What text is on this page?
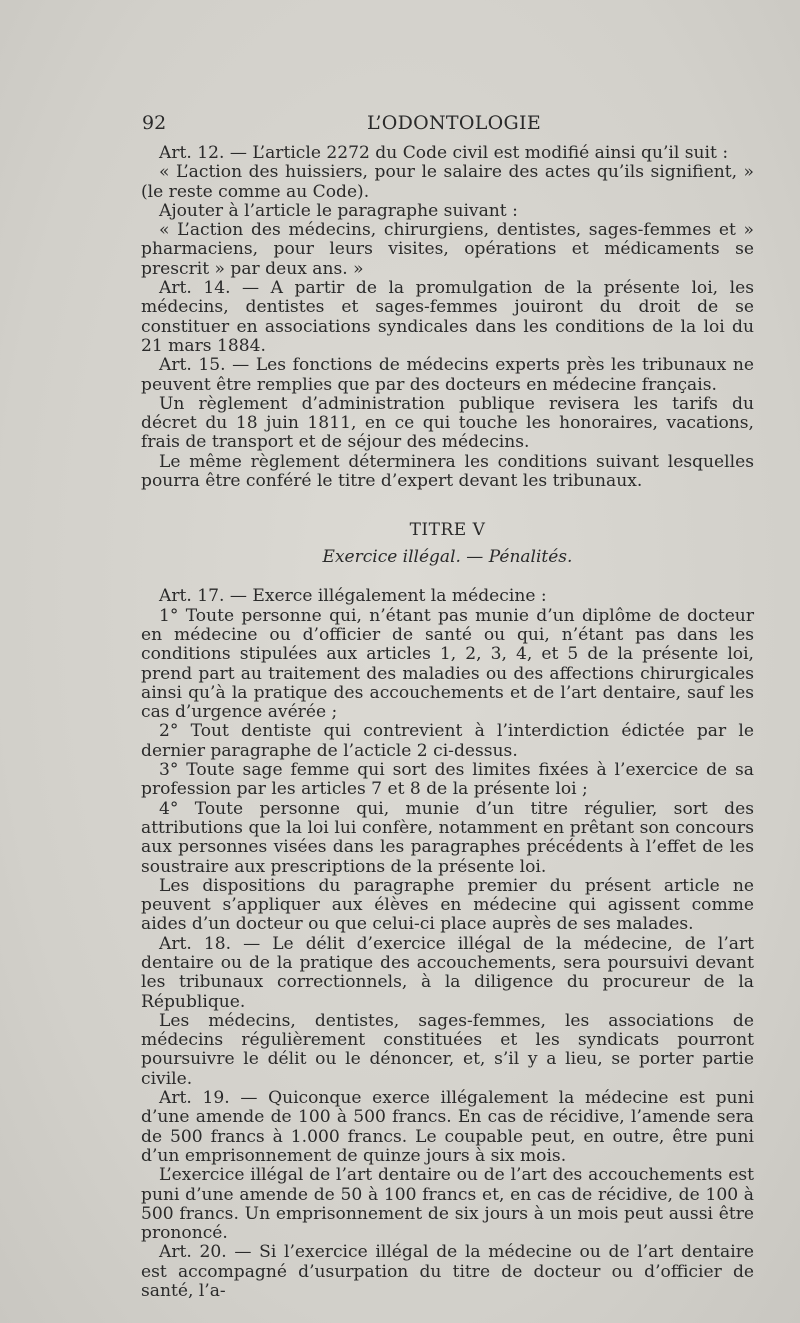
92	L’ODONTOLOGIE

Art. 12. — L’article 2272 du Code civil est modifié ainsi qu’il suit :

« L’action des huissiers, pour le salaire des actes qu’ils signifient, » (le reste comme au Code).

Ajouter à l’article le paragraphe suivant :

« L’action des médecins, chirurgiens, dentistes, sages-femmes et » pharmaciens, pour leurs visites, opérations et médicaments se prescrit » par deux ans. »

Art. 14. — A partir de la promulgation de la présente loi, les médecins, dentistes et sages-femmes jouiront du droit de se constituer en associations syndicales dans les conditions de la loi du 21 mars 1884.

Art. 15. — Les fonctions de médecins experts près les tribunaux ne peuvent être remplies que par des docteurs en médecine français.

Un règlement d’administration publique revisera les tarifs du décret du 18 juin 1811, en ce qui touche les honoraires, vacations, frais de transport et de séjour des médecins.

Le même règlement déterminera les conditions suivant lesquelles pourra être conféré le titre d’expert devant les tribunaux.

TITRE V
Exercice illégal. — Pénalités.

Art. 17. — Exerce illégalement la médecine :

1° Toute personne qui, n’étant pas munie d’un diplôme de docteur en médecine ou d’officier de santé ou qui, n’étant pas dans les conditions stipulées aux articles 1, 2, 3, 4, et 5 de la présente loi, prend part au traitement des maladies ou des affections chirurgicales ainsi qu’à la pratique des accouchements et de l’art dentaire, sauf les cas d’urgence avérée ;

2° Tout dentiste qui contrevient à l’interdiction édictée par le dernier paragraphe de l’acticle 2 ci-dessus.

3° Toute sage femme qui sort des limites fixées à l’exercice de sa profession par les articles 7 et 8 de la présente loi ;

4° Toute personne qui, munie d’un titre régulier, sort des attributions que la loi lui confère, notamment en prêtant son concours aux personnes visées dans les paragraphes précédents à l’effet de les soustraire aux prescriptions de la présente loi.

Les dispositions du paragraphe premier du présent article ne peuvent s’appliquer aux élèves en médecine qui agissent comme aides d’un docteur ou que celui-ci place auprès de ses malades.

Art. 18. — Le délit d’exercice illégal de la médecine, de l’art dentaire ou de la pratique des accouchements, sera poursuivi devant les tribunaux correctionnels, à la diligence du procureur de la République.

Les médecins, dentistes, sages-femmes, les associations de médecins régulièrement constituées et les syndicats pourront poursuivre le délit ou le dénoncer, et, s’il y a lieu, se porter partie civile.

Art. 19. — Quiconque exerce illégalement la médecine est puni d’une amende de 100 à 500 francs. En cas de récidive, l’amende sera de 500 francs à 1.000 francs. Le coupable peut, en outre, être puni d’un emprisonnement de quinze jours à six mois.

L’exercice illégal de l’art dentaire ou de l’art des accouchements est puni d’une amende de 50 à 100 francs et, en cas de récidive, de 100 à 500 francs. Un emprisonnement de six jours à un mois peut aussi être prononcé.

Art. 20. — Si l’exercice illégal de la médecine ou de l’art dentaire est accompagné d’usurpation du titre de docteur ou d’officier de santé, l’a-
